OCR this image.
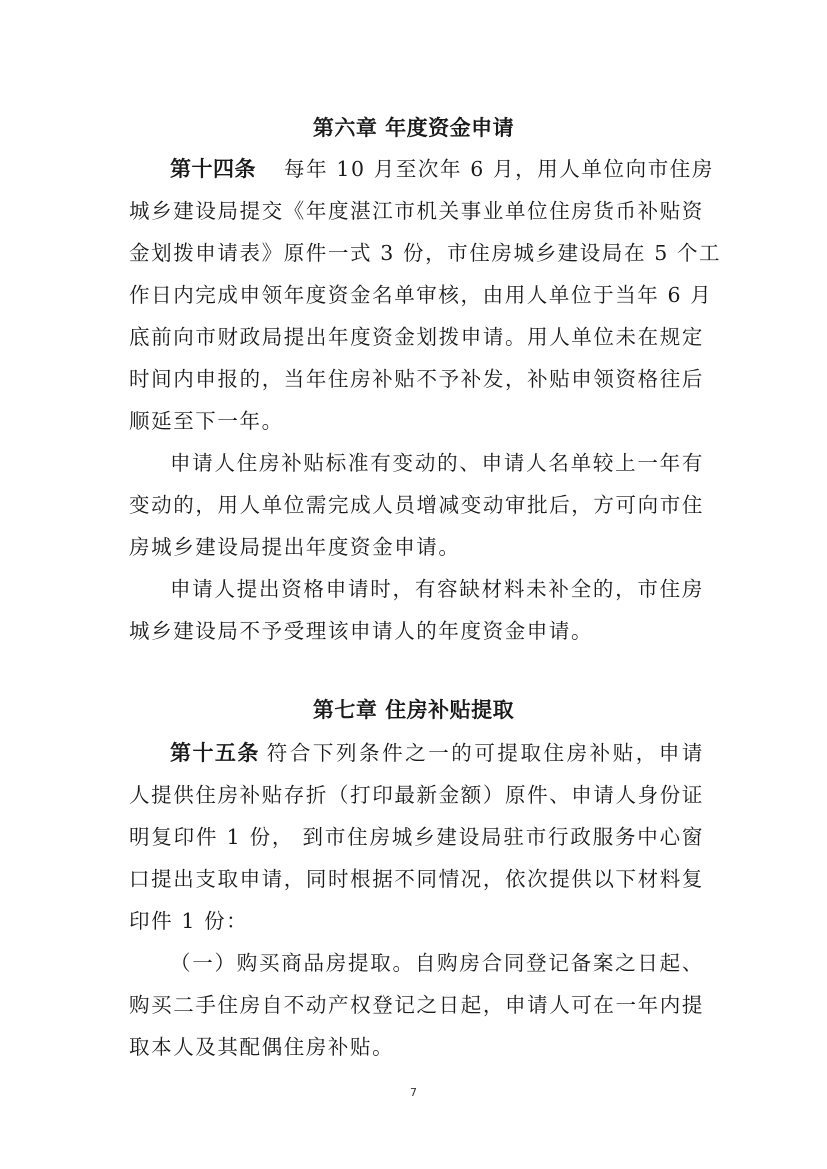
第六章 年度资金申请
第十四条 每年 10 月至次年 6 月，用人单位向市住房
城乡建设局提交《年度湛江市机关事业单位住房货币补贴资
金划拨申请表》原件一式 3 份，市住房城乡建设局在 5 个工
作日内完成申领年度资金名单审核，由用人单位于当年 6 月
底前向市财政局提出年度资金划拨申请。用人单位未在规定
时间内申报的，当年住房补贴不予补发，补贴申领资格往后
顺延至下一年。
申请人住房补贴标准有变动的、申请人名单较上一年有
变动的，用人单位需完成人员增减变动审批后，方可向市住
房城乡建设局提出年度资金申请。
申请人提出资格申请时，有容缺材料未补全的，市住房
城乡建设局不予受理该申请人的年度资金申请。
第七章 住房补贴提取
第十五条 符合下列条件之一的可提取住房补贴，申请
人提供住房补贴存折（打印最新金额）原件、申请人身份证
明复印件 1 份， 到市住房城乡建设局驻市行政服务中心窗
口提出支取申请，同时根据不同情况，依次提供以下材料复
印件 1 份：
（一）购买商品房提取。自购房合同登记备案之日起、
购买二手住房自不动产权登记之日起，申请人可在一年内提
取本人及其配偶住房补贴。
7
